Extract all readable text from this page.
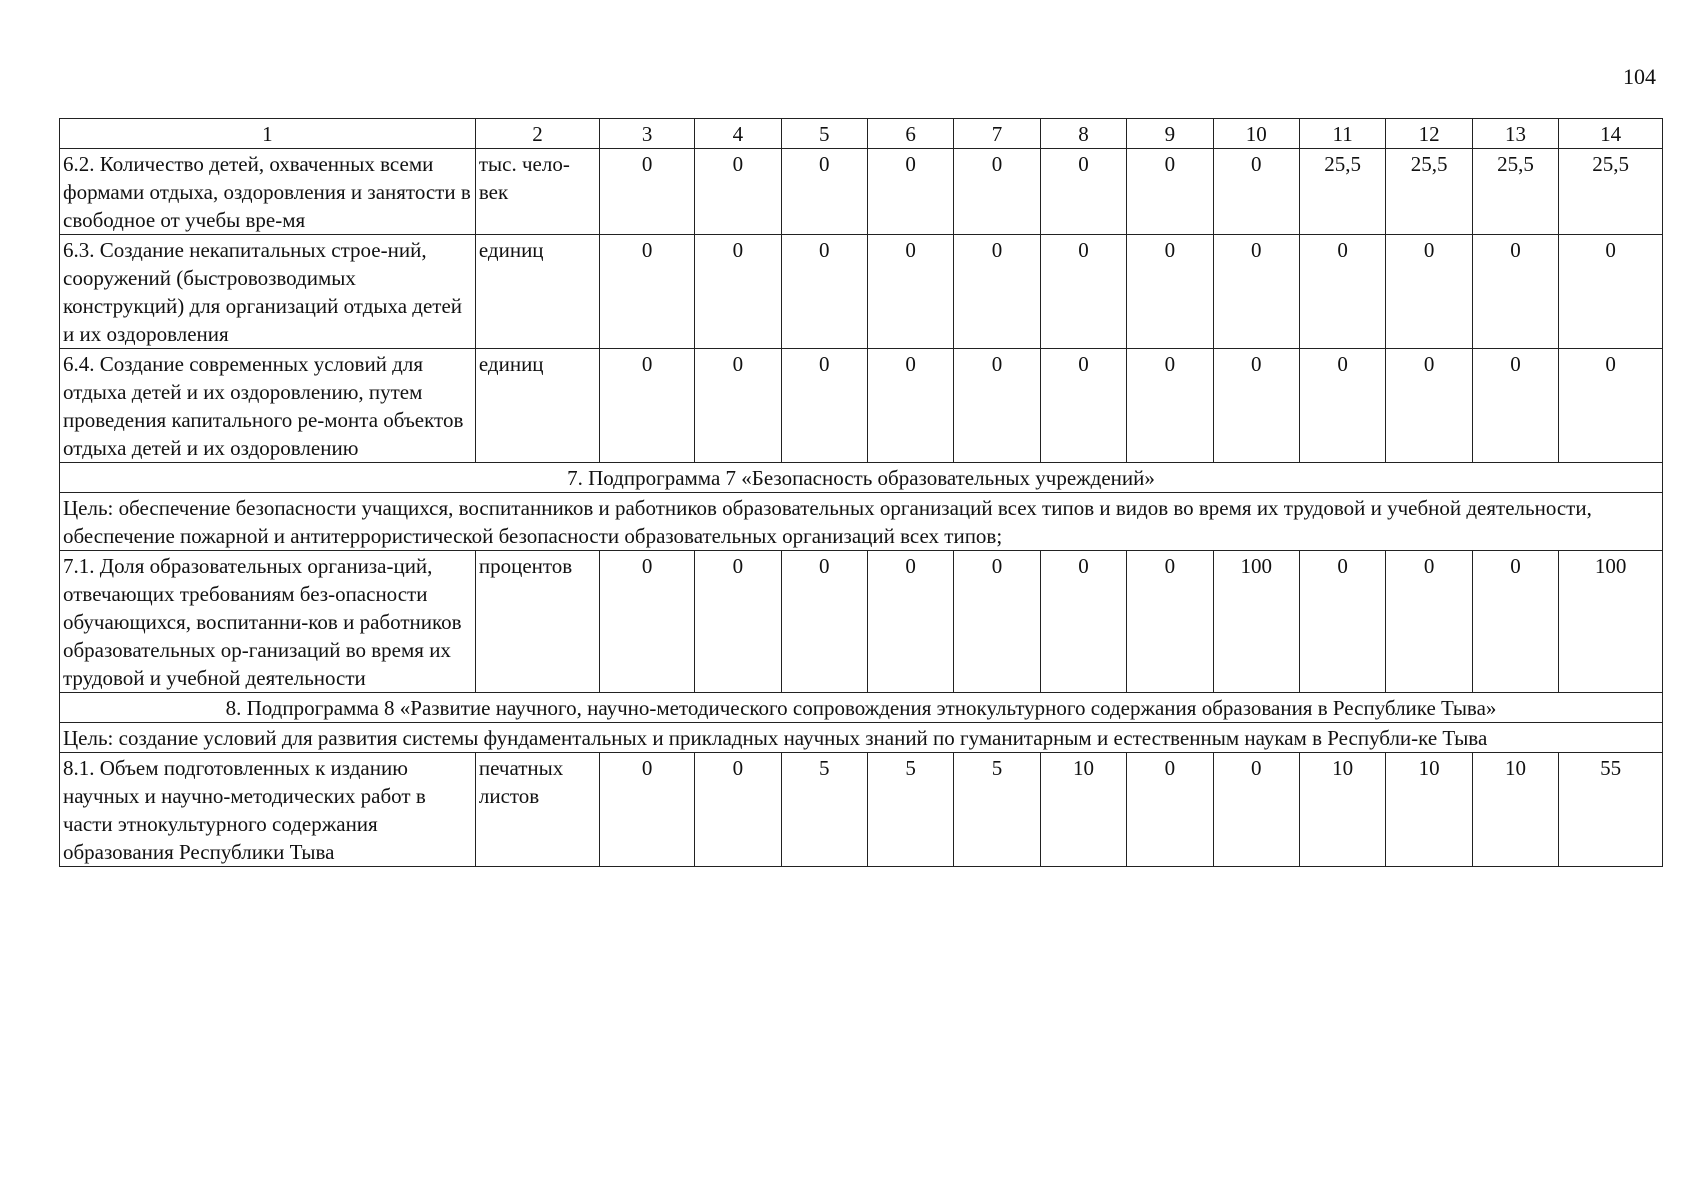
104
1	2	3	4	5	6	7	8	9	10	11	12	13	14
6.2. Количество детей, охваченных всеми формами отдыха, оздоровления и занятости в свободное от учебы вре-мя	тыс. чело-век	0	0	0	0	0	0	0	0	25,5	25,5	25,5	25,5
6.3. Создание некапитальных строе-ний, сооружений (быстровозводимых конструкций) для организаций отдыха детей и их оздоровления	единиц	0	0	0	0	0	0	0	0	0	0	0	0
6.4. Создание современных условий для отдыха детей и их оздоровлению, путем проведения капитального ре-монта объектов отдыха детей и их оздоровлению	единиц	0	0	0	0	0	0	0	0	0	0	0	0
7. Подпрограмма 7 «Безопасность образовательных учреждений»													
Цель: обеспечение безопасности учащихся, воспитанников и работников образовательных организаций всех типов и видов во время их трудовой и учебной деятельности, обеспечение пожарной и антитеррористической безопасности образовательных организаций всех типов;													
7.1. Доля образовательных организа-ций, отвечающих требованиям без-опасности обучающихся, воспитанни-ков и работников образовательных ор-ганизаций во время их трудовой и учебной деятельности	процентов	0	0	0	0	0	0	0	100	0	0	0	100
8. Подпрограмма 8 «Развитие научного, научно-методического сопровождения этнокультурного содержания образования в Республике Тыва»													
Цель: создание условий для развития системы фундаментальных и прикладных научных знаний по гуманитарным и естественным наукам в Республи-ке Тыва													
8.1. Объем подготовленных к изданию научных и научно-методических работ в части этнокультурного содержания образования Республики Тыва	печатных листов	0	0	5	5	5	10	0	0	10	10	10	55
